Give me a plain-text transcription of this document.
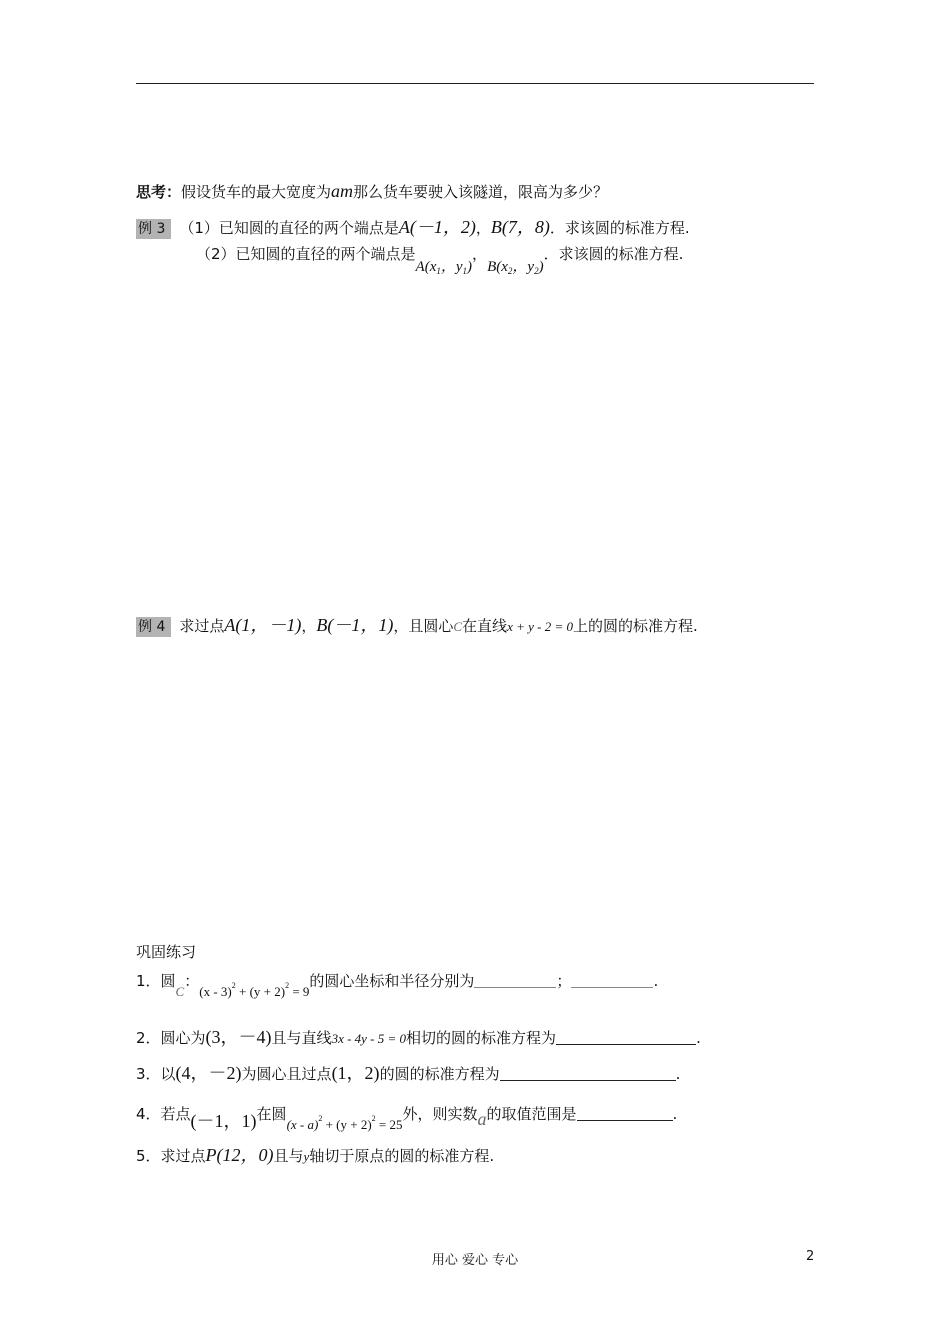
思考：假设货车的最大宽度为am那么货车要驶入该隧道，限高为多少？
例 3 （1）已知圆的直径的两个端点是A(－1，2)，B(7，8)．求该圆的标准方程.
（2）已知圆的直径的两个端点是$A(x_1$，$y_1$)，$B(x_2$，$y_2$)．求该圆的标准方程.
例 4 求过点A(1，－1)，B(－1，1)，且圆心C在直线x + y - 2 = 0上的圆的标准方程.
巩固练习
1．圆C：$(x - 3)^2 + (y + 2)^2 = 9$的圆心坐标和半径分别为	；	.
2．圆心为(3，－4)且与直线3x - 4y - 5 = 0相切的圆的标准方程为	.
3．以(4，－2)为圆心且过点(1，2)的圆的标准方程为	.
4．若点(－1，1)在圆$(x - a)^2 + (y + 2)^2 = 25$外，则实数a的取值范围是	.
5．求过点P(12，0)且与y轴切于原点的圆的标准方程.
用心 爱心 专心	2
